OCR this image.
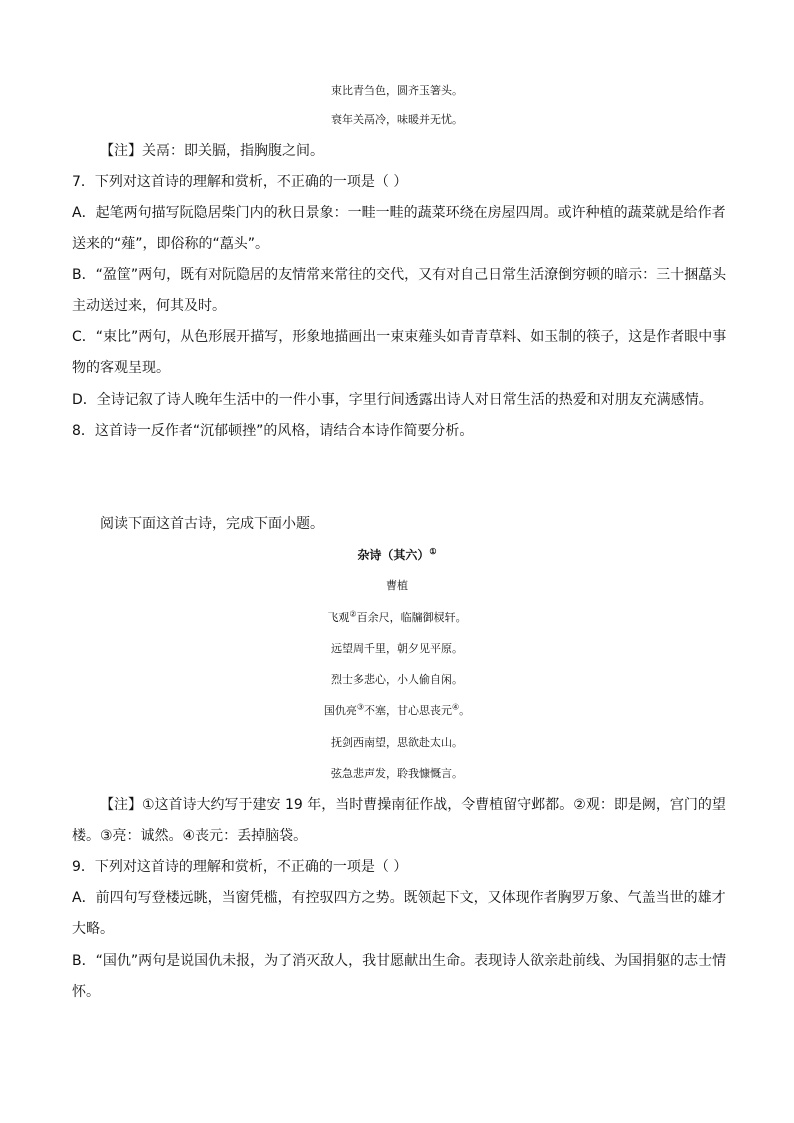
束比青刍色，圆齐玉箸头。
衰年关鬲冷，味暖并无忧。
【注】关鬲：即关膈，指胸腹之间。
7．下列对这首诗的理解和赏析，不正确的一项是（ ）
A．起笔两句描写阮隐居柴门内的秋日景象：一畦一畦的蔬菜环绕在房屋四周。或许种植的蔬菜就是给作者
送来的“薤”，即俗称的“藠头”。
B．“盈筐”两句，既有对阮隐居的友情常来常往的交代，又有对自己日常生活潦倒穷顿的暗示：三十捆藠头
主动送过来，何其及时。
C．“束比”两句，从色形展开描写，形象地描画出一束束薤头如青青草料、如玉制的筷子，这是作者眼中事
物的客观呈现。
D．全诗记叙了诗人晚年生活中的一件小事，字里行间透露出诗人对日常生活的热爱和对朋友充满感情。
8．这首诗一反作者“沉郁顿挫”的风格，请结合本诗作简要分析。
阅读下面这首古诗，完成下面小题。
杂诗（其六）①
曹植
飞观②百余尺，临牖御棂轩。
远望周千里，朝夕见平原。
烈士多悲心，小人偷自闲。
国仇亮③不塞，甘心思丧元④。
抚剑西南望，思欲赴太山。
弦急悲声发，聆我慷慨言。
【注】①这首诗大约写于建安 19 年，当时曹操南征作战，令曹植留守邺都。②观：即是阙，宫门的望
楼。③亮：诚然。④丧元：丢掉脑袋。
9．下列对这首诗的理解和赏析，不正确的一项是（ ）
A．前四句写登楼远眺，当窗凭槛，有控驭四方之势。既领起下文，又体现作者胸罗万象、气盖当世的雄才
大略。
B．“国仇”两句是说国仇未报，为了消灭敌人，我甘愿献出生命。表现诗人欲亲赴前线、为国捐躯的志士情
怀。
